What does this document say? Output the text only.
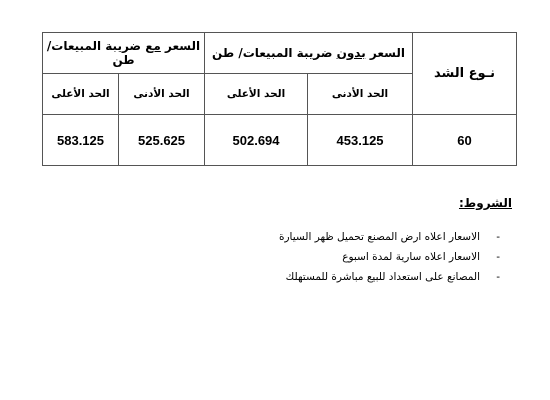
نـوع الشد	السعر بدون ضريبة المبيعات/ طن		السعر مع ضريبة المبيعات/ طن	
	الحد الأدنى	الحد الأعلى	الحد الأدنى	الحد الأعلى
60	453.125	502.694	525.625	583.125
الشروط:
-
الاسعار اعلاه ارض المصنع تحميل ظهر السيارة
-
الاسعار اعلاه سارية لمدة اسبوع
-
المصانع على استعداد للبيع مباشرة للمستهلك
